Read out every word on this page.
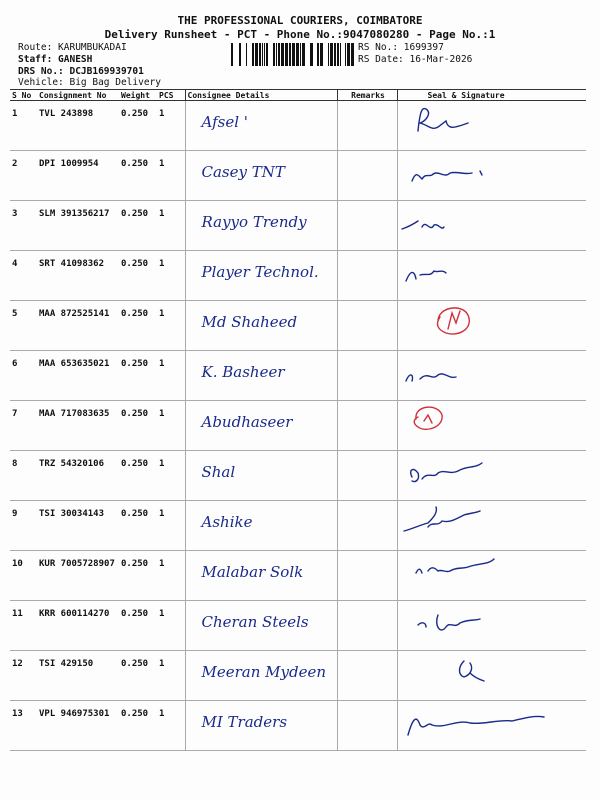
THE PROFESSIONAL COURIERS, COIMBATORE
Delivery Runsheet - PCT - Phone No.:9047080280 - Page No.:1
Route: KARUMBUKADAI
Staff: GANESH
DRS No.: DCJB169939701
Vehicle: Big Bag Delivery
RS No.: 1699397
RS Date: 16-Mar-2026
S No	Consignment No	Weight	PCS	Consignee Details	Remarks	Seal & Signature
1	TVL 243898	0.250	1	Afsel '

2	DPI 1009954	0.250	1	Casey TNT

3	SLM 391356217	0.250	1	Rayyo Trendy

4	SRT 41098362	0.250	1	Player Technol.

5	MAA 872525141	0.250	1	Md Shaheed

6	MAA 653635021	0.250	1	K. Basheer

7	MAA 717083635	0.250	1	Abudhaseer

8	TRZ 54320106	0.250	1	Shal

9	TSI 30034143	0.250	1	Ashike

10	KUR 7005728907	0.250	1	Malabar Solk

11	KRR 600114270	0.250	1	Cheran Steels

12	TSI 429150	0.250	1	Meeran Mydeen

13	VPL 946975301	0.250	1	MI Traders
